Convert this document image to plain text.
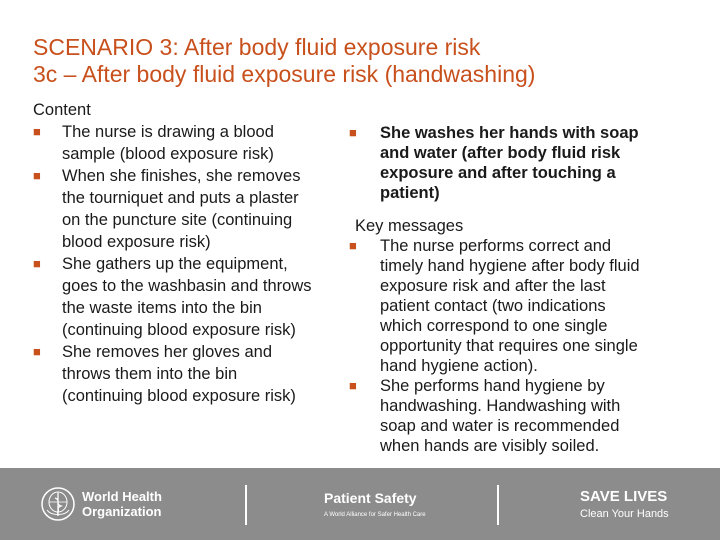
SCENARIO 3: After body fluid exposure risk
3c – After body fluid exposure risk (handwashing)
Content
■ The nurse is drawing a blood
sample (blood exposure risk)
■ When she finishes, she removes
the tourniquet and puts a plaster
on the puncture site (continuing
blood exposure risk)
■ She gathers up the equipment,
goes to the washbasin and throws
the waste items into the bin
(continuing blood exposure risk)
■ She removes her gloves and
throws them into the bin
(continuing blood exposure risk)
■ She washes her hands with soap
and water (after body fluid risk
exposure and after touching a
patient)
Key messages
■ The nurse performs correct and
timely hand hygiene after body fluid
exposure risk and after the last
patient contact (two indications
which correspond to one single
opportunity that requires one single
hand hygiene action).
■ She performs hand hygiene by
handwashing. Handwashing with
soap and water is recommended
when hands are visibly soiled.
World Health
Organization
Patient Safety
A World Alliance for Safer Health Care
SAVE LIVES
Clean Your Hands
